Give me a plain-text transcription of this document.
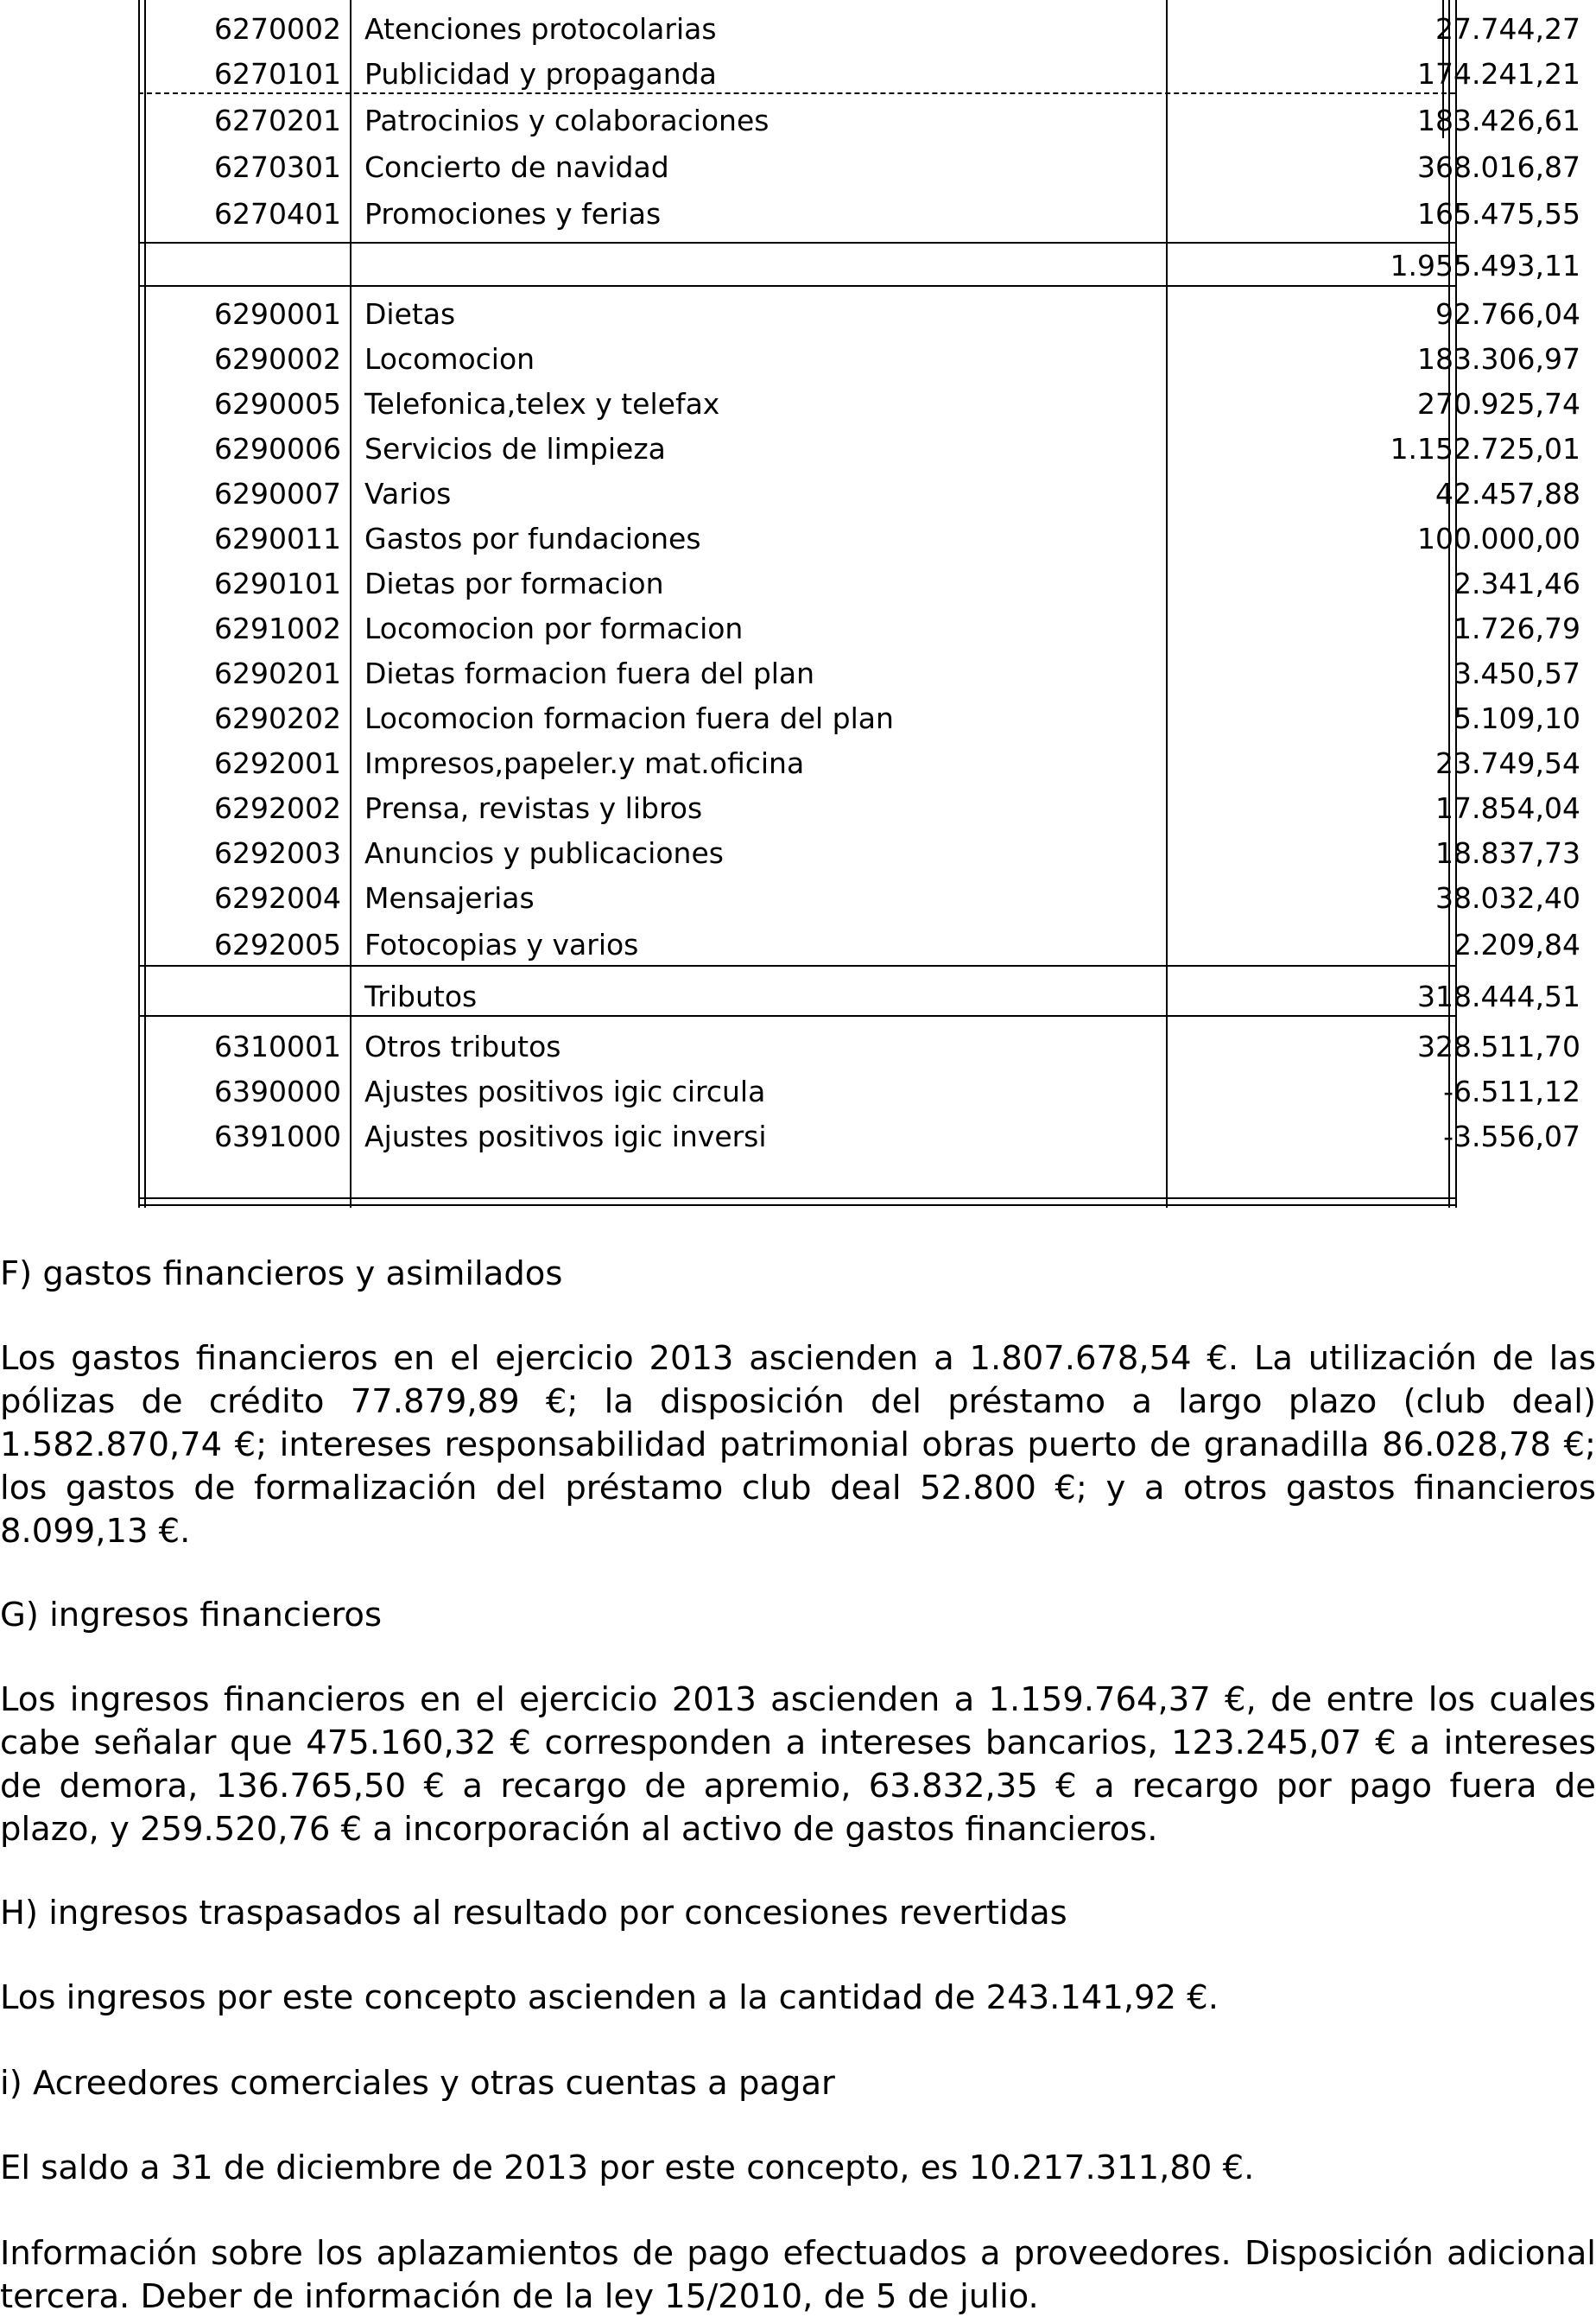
6270002 Atenciones protocolarias	27.744,27
6270101 Publicidad y propaganda	174.241,21
6270201 Patrocinios y colaboraciones	183.426,61
6270301 Concierto de navidad	368.016,87
6270401 Promociones y ferias	165.475,55
1.955.493,11
6290001 Dietas	92.766,04
6290002 Locomocion	183.306,97
6290005 Telefonica,telex y telefax	270.925,74
6290006 Servicios de limpieza	1.152.725,01
6290007 Varios	42.457,88
6290011 Gastos por fundaciones	100.000,00
6290101 Dietas por formacion	2.341,46
6291002 Locomocion por formacion	1.726,79
6290201 Dietas formacion fuera del plan	3.450,57
6290202 Locomocion formacion fuera del plan	5.109,10
6292001 Impresos,papeler.y mat.oficina	23.749,54
6292002 Prensa, revistas y libros	17.854,04
6292003 Anuncios y publicaciones	18.837,73
6292004 Mensajerias	38.032,40
6292005 Fotocopias y varios	2.209,84
Tributos	318.444,51
6310001 Otros tributos	328.511,70
6390000 Ajustes positivos igic circula	-6.511,12
6391000 Ajustes positivos igic inversi	-3.556,07

F) gastos financieros y asimilados

Los gastos financieros en el ejercicio 2013 ascienden a 1.807.678,54 €. La utilización de las pólizas de crédito 77.879,89 €; la disposición del préstamo a largo plazo (club deal) 1.582.870,74 €; intereses responsabilidad patrimonial obras puerto de granadilla 86.028,78 €; los gastos de formalización del préstamo club deal 52.800 €; y a otros gastos financieros 8.099,13 €.

G) ingresos financieros

Los ingresos financieros en el ejercicio 2013 ascienden a 1.159.764,37 €, de entre los cuales cabe señalar que 475.160,32 € corresponden a intereses bancarios, 123.245,07 € a intereses de demora, 136.765,50 € a recargo de apremio, 63.832,35 € a recargo por pago fuera de plazo, y 259.520,76 € a incorporación al activo de gastos financieros.

H) ingresos traspasados al resultado por concesiones revertidas

Los ingresos por este concepto ascienden a la cantidad de 243.141,92 €.

i) Acreedores comerciales y otras cuentas a pagar

El saldo a 31 de diciembre de 2013 por este concepto, es 10.217.311,80 €.

Información sobre los aplazamientos de pago efectuados a proveedores. Disposición adicional tercera. Deber de información de la ley 15/2010, de 5 de julio.
